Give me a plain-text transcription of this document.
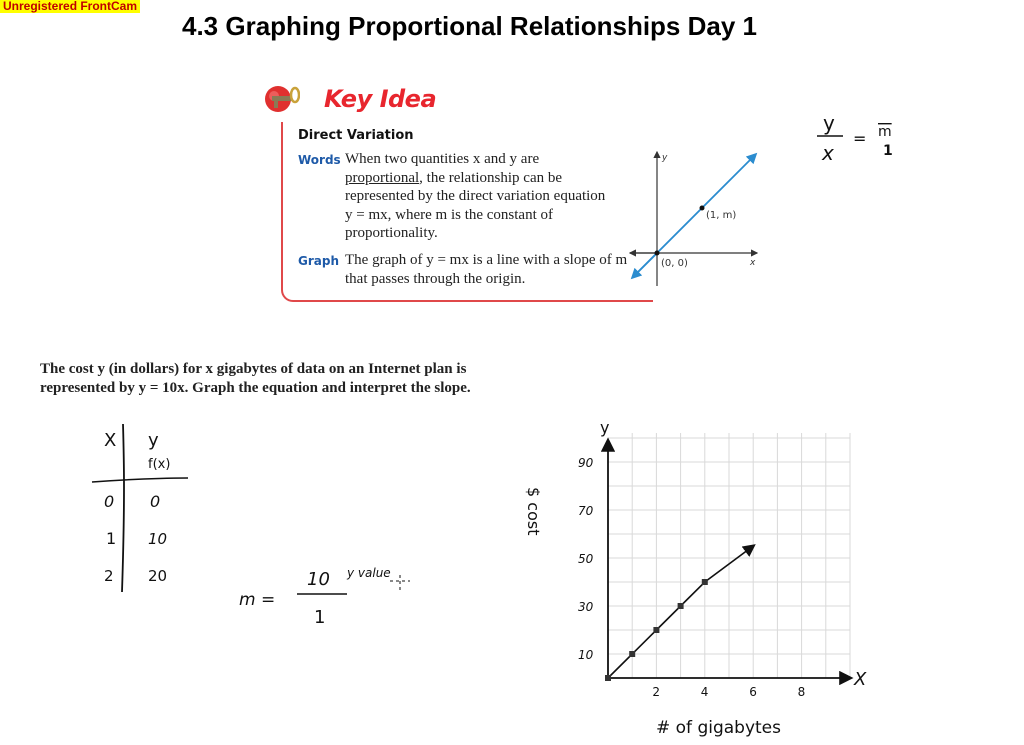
Unregistered FrontCam
4.3 Graphing Proportional Relationships Day 1
Key Idea
Direct Variation
Words When two quantities x and y are proportional, the relationship can be represented by the direct variation equation y = mx, where m is the constant of proportionality.
Graph The graph of y = mx is a line with a slope of m that passes through the origin.
y
x
(1, m)
(0, 0)
y
x
= m
1
The cost y (in dollars) for x gigabytes of data on an Internet plan is
represented by y = 10x. Graph the equation and interpret the slope.
X y
f(x)
0 0
1 10
2 20
m =
10
1
y value
$ cost
y
X
10
30
50
70
90
2	4	6	8
# of gigabytes
